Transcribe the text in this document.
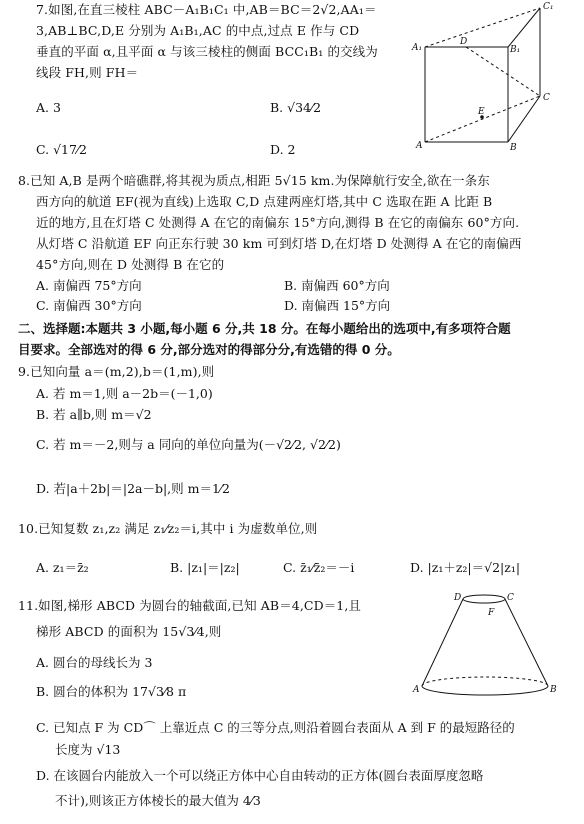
7.如图,在直三棱柱 ABC－A₁B₁C₁ 中,AB＝BC＝2√2,AA₁＝
3,AB⊥BC,D,E 分别为 A₁B₁,AC 的中点,过点 E 作与 CD
垂直的平面 α,且平面 α 与该三棱柱的侧面 BCC₁B₁ 的交线为
线段 FH,则 FH＝
A. 3	B. √34⁄2
C. √17⁄2	D. 2
C₁
A₁
D
B₁
E
C
A	B
8.已知 A,B 是两个暗礁群,将其视为质点,相距 5√15 km.为保障航行安全,欲在一条东
西方向的航道 EF(视为直线)上选取 C,D 点建两座灯塔,其中 C 选取在距 A 比距 B
近的地方,且在灯塔 C 处测得 A 在它的南偏东 15°方向,测得 B 在它的南偏东 60°方向.
从灯塔 C 沿航道 EF 向正东行驶 30 km 可到灯塔 D,在灯塔 D 处测得 A 在它的南偏西
45°方向,则在 D 处测得 B 在它的
A. 南偏西 75°方向	B. 南偏西 60°方向
C. 南偏西 30°方向	D. 南偏西 15°方向
二、选择题:本题共 3 小题,每小题 6 分,共 18 分。在每小题给出的选项中,有多项符合题
目要求。全部选对的得 6 分,部分选对的得部分分,有选错的得 0 分。
9.已知向量 a＝(m,2),b＝(1,m),则
A. 若 m＝1,则 a－2b＝(－1,0)
B. 若 a∥b,则 m＝√2
C. 若 m＝－2,则与 a 同向的单位向量为(－√2⁄2, √2⁄2)
D. 若|a＋2b|＝|2a－b|,则 m＝1⁄2
10.已知复数 z₁,z₂ 满足 z₁⁄z₂＝i,其中 i 为虚数单位,则
A. z₁＝z̄₂	B. |z₁|＝|z₂|	C. z̄₁⁄z̄₂＝－i	D. |z₁＋z₂|＝√2|z₁|
11.如图,梯形 ABCD 为圆台的轴截面,已知 AB＝4,CD＝1,且
梯形 ABCD 的面积为 15√3⁄4,则
A. 圆台的母线长为 3
B. 圆台的体积为 17√3⁄8 π
C. 已知点 F 为 CD⌒ 上靠近点 C 的三等分点,则沿着圆台表面从 A 到 F 的最短路径的
长度为 √13
D. 在该圆台内能放入一个可以绕正方体中心自由转动的正方体(圆台表面厚度忽略
不计),则该正方体棱长的最大值为 4⁄3
D	C
F
A	B
